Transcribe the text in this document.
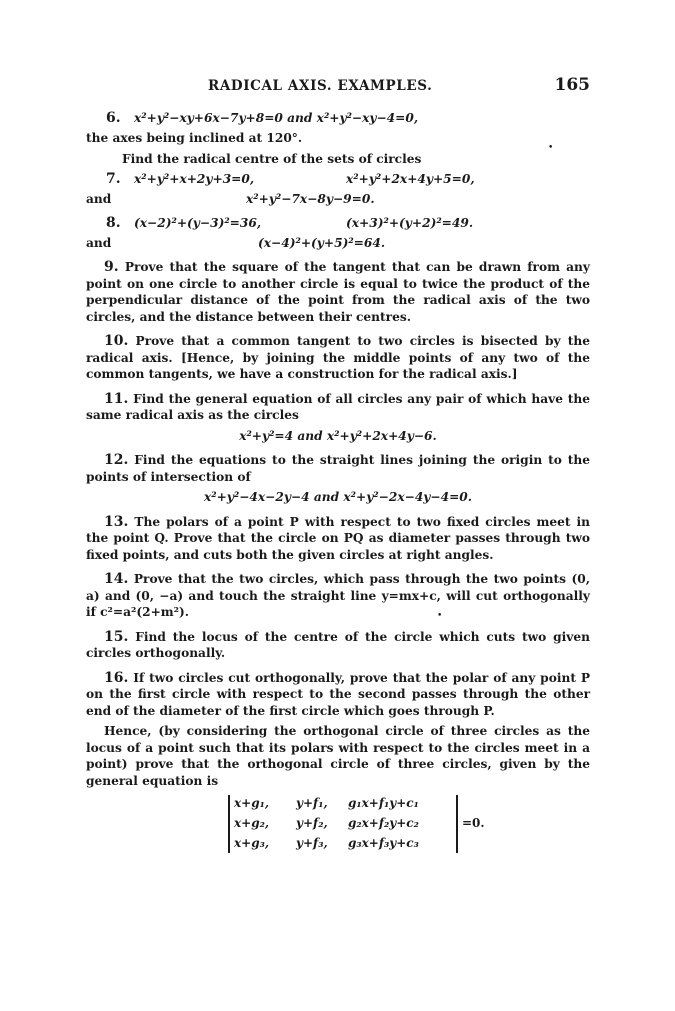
RADICAL AXIS. EXAMPLES.	165
6. x²+y²−xy+6x−7y+8=0 and x²+y²−xy−4=0,

the axes being inclined at 120°.

Find the radical centre of the sets of circles

7. x²+y²+x+2y+3=0,	x²+y²+2x+4y+5=0,
and	x²+y²−7x−8y−9=0.
8. (x−2)²+(y−3)²=36,	(x+3)²+(y+2)²=49.
and	(x−4)²+(y+5)²=64.

9. Prove that the square of the tangent that can be drawn from any point on one circle to another circle is equal to twice the product of the perpendicular distance of the point from the radical axis of the two circles, and the distance between their centres.

10. Prove that a common tangent to two circles is bisected by the radical axis. [Hence, by joining the middle points of any two of the common tangents, we have a construction for the radical axis.]

11. Find the general equation of all circles any pair of which have the same radical axis as the circles

x²+y²=4 and x²+y²+2x+4y−6.

12. Find the equations to the straight lines joining the origin to the points of intersection of

x²+y²−4x−2y−4 and x²+y²−2x−4y−4=0.

13. The polars of a point P with respect to two fixed circles meet in the point Q. Prove that the circle on PQ as diameter passes through two fixed points, and cuts both the given circles at right angles.

14. Prove that the two circles, which pass through the two points (0, a) and (0, −a) and touch the straight line y=mx+c, will cut orthogonally if c²=a²(2+m²).

15. Find the locus of the centre of the circle which cuts two given circles orthogonally.

16. If two circles cut orthogonally, prove that the polar of any point P on the first circle with respect to the second passes through the other end of the diameter of the first circle which goes through P.

Hence, (by considering the orthogonal circle of three circles as the locus of a point such that its polars with respect to the circles meet in a point) prove that the orthogonal circle of three circles, given by the general equation is

x+g₁, y+f₁, g₁x+f₁y+c₁
x+g₂, y+f₂, g₂x+f₂y+c₂
x+g₃, y+f₃, g₃x+f₃y+c₃
=0.
•
•
